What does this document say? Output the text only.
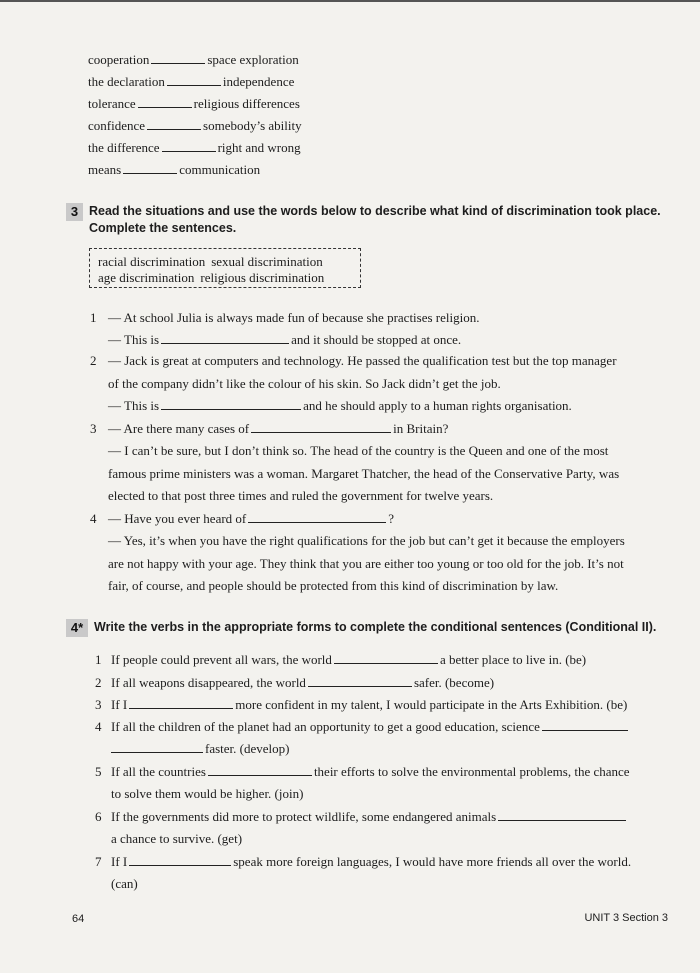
cooperation	space exploration
the declaration	independence
tolerance	religious differences
confidence	somebody’s ability
the difference	right and wrong
means	communication
3 Read the situations and use the words below to describe what kind of discrimination took place.
Complete the sentences.
racial discrimination sexual discrimination
age discrimination religious discrimination
1 — At school Julia is always made fun of because she practises religion.
— This is	and it should be stopped at once.
2 — Jack is great at computers and technology. He passed the qualification test but the top manager
of the company didn’t like the colour of his skin. So Jack didn’t get the job.
— This is	and he should apply to a human rights organisation.
3 — Are there many cases of	in Britain?
— I can’t be sure, but I don’t think so. The head of the country is the Queen and one of the most
famous prime ministers was a woman. Margaret Thatcher, the head of the Conservative Party, was
elected to that post three times and ruled the government for twelve years.
4 — Have you ever heard of	?
— Yes, it’s when you have the right qualifications for the job but can’t get it because the employers
are not happy with your age. They think that you are either too young or too old for the job. It’s not
fair, of course, and people should be protected from this kind of discrimination by law.
4* Write the verbs in the appropriate forms to complete the conditional sentences (Conditional II).
1 If people could prevent all wars, the world	a better place to live in. (be)
2 If all weapons disappeared, the world	safer. (become)
3 If I	more confident in my talent, I would participate in the Arts Exhibition. (be)
4 If all the children of the planet had an opportunity to get a good education, science
faster. (develop)
5 If all the countries	their efforts to solve the environmental problems, the chance
to solve them would be higher. (join)
6 If the governments did more to protect wildlife, some endangered animals
a chance to survive. (get)
7 If I	speak more foreign languages, I would have more friends all over the world.
(can)
64	UNIT 3 Section 3
